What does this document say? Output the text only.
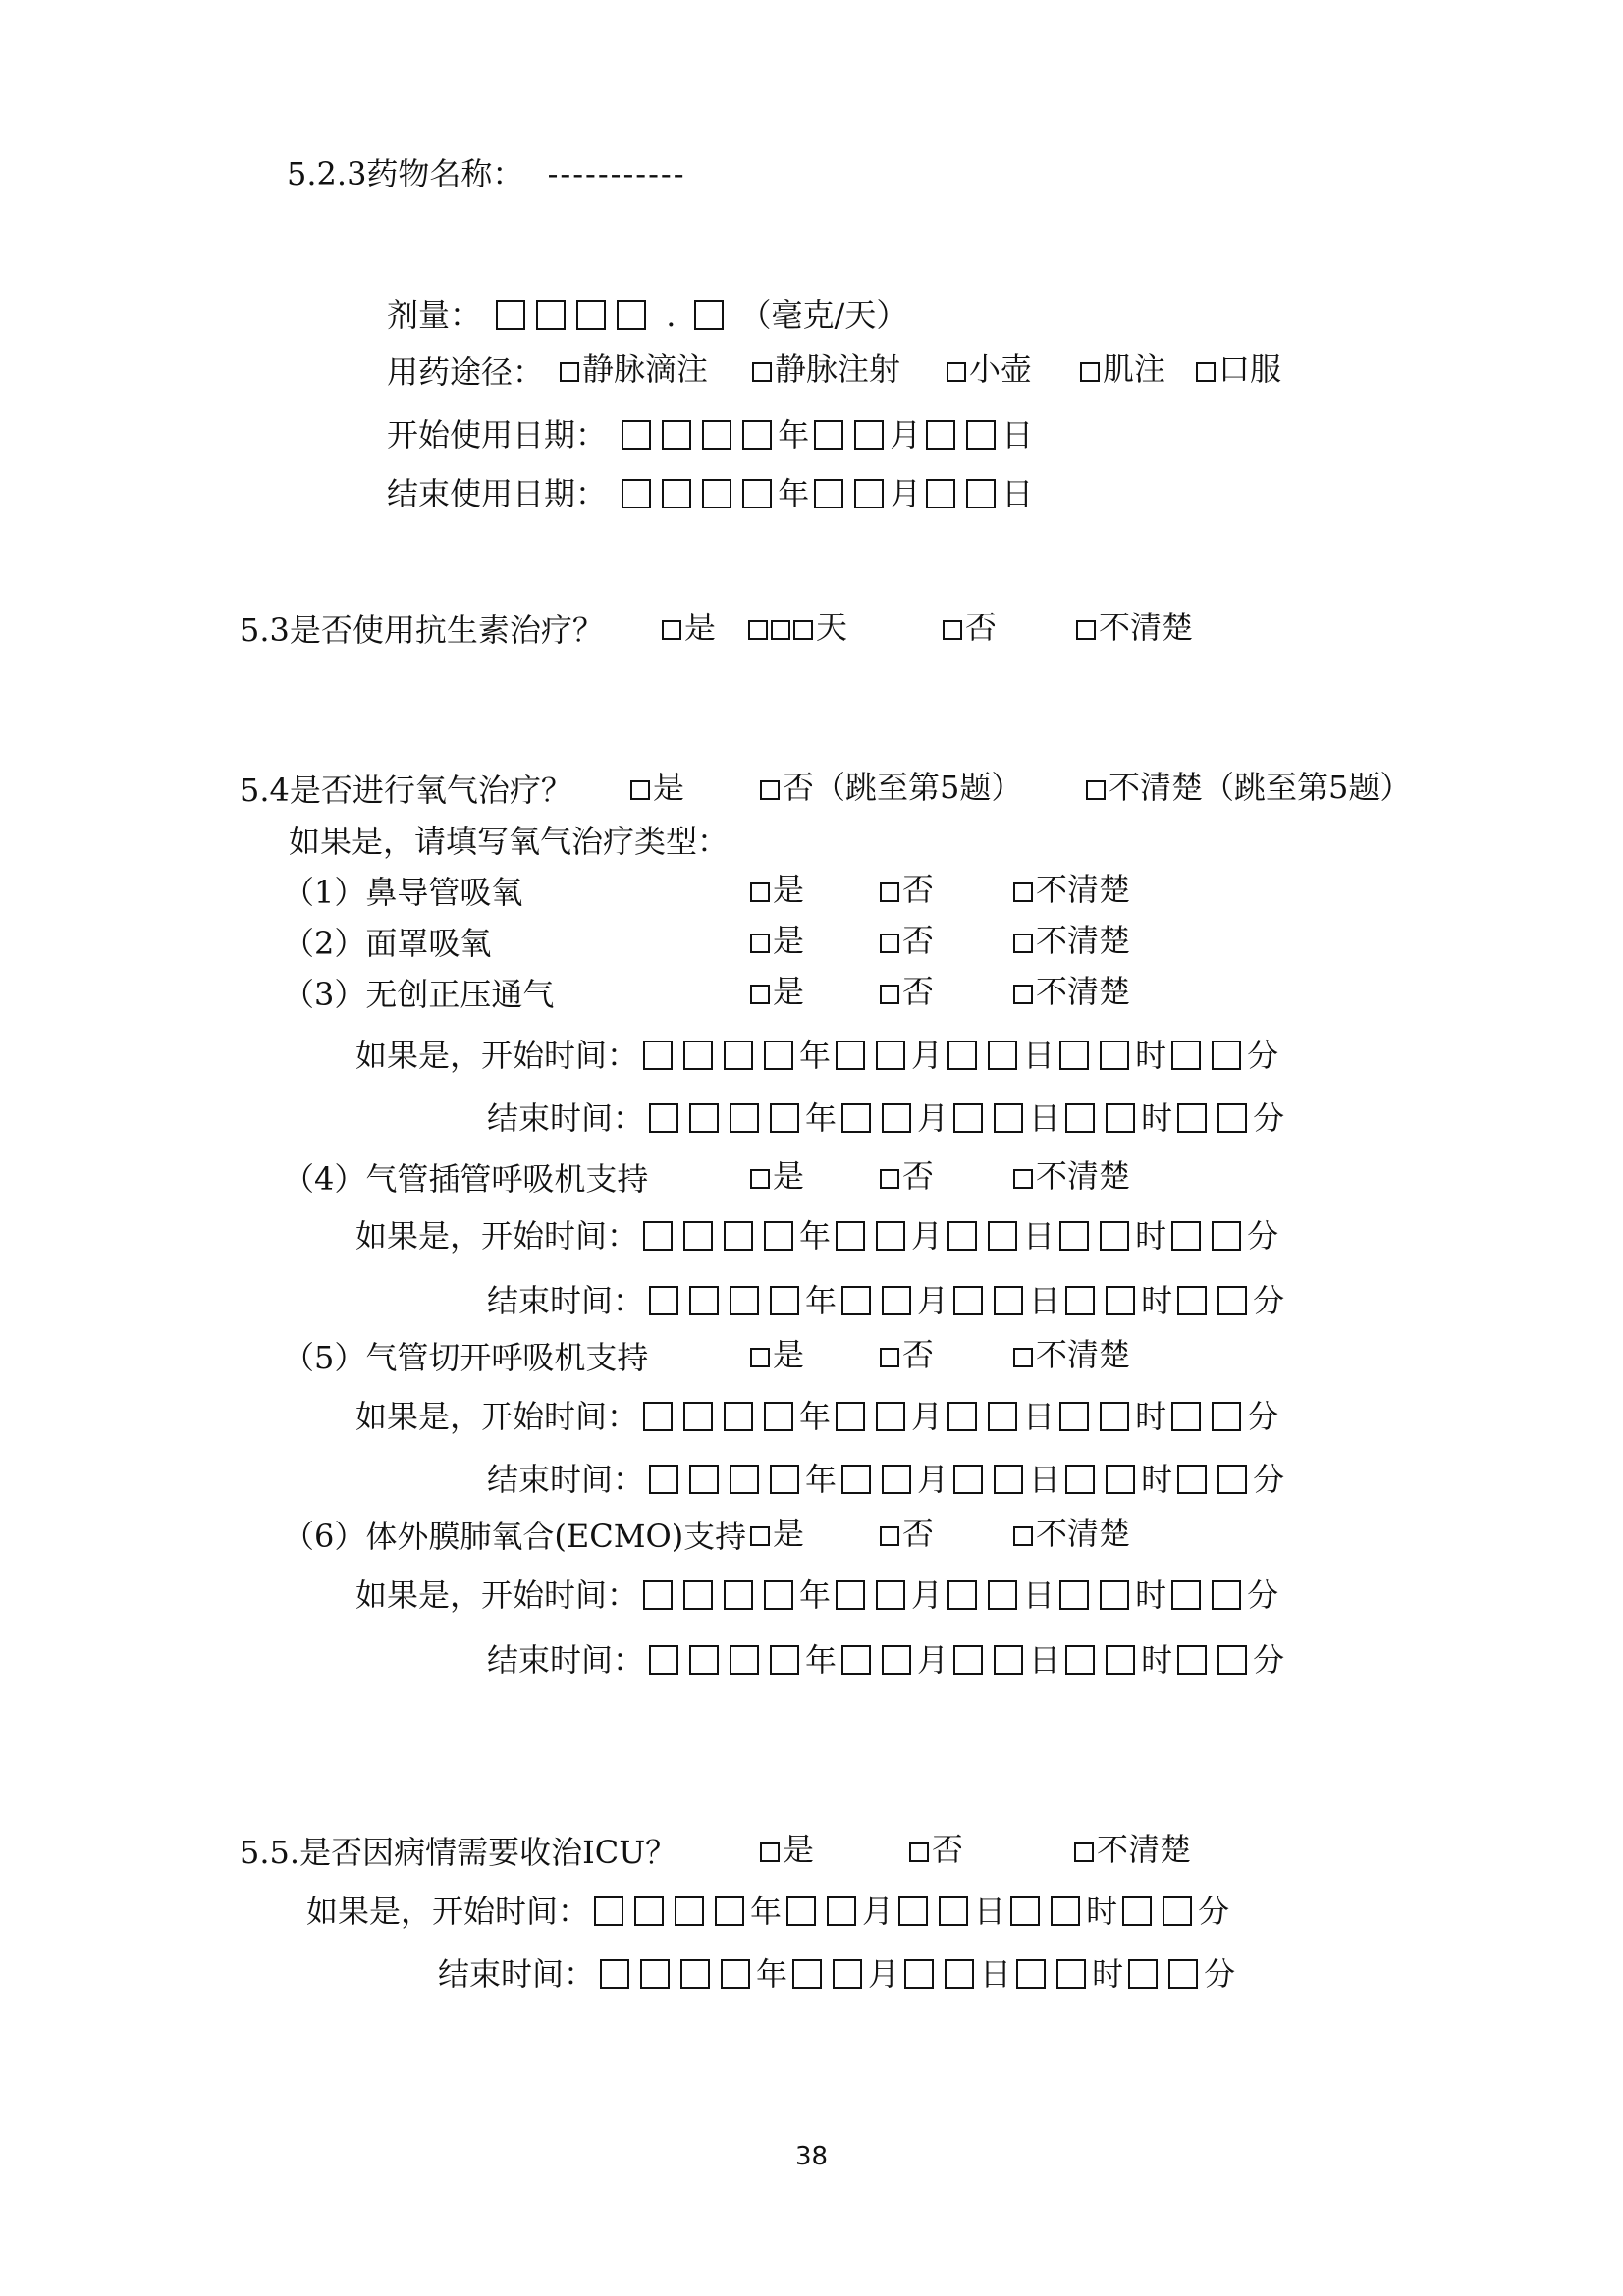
5.2.3药物名称： -----------
剂量：	. （毫克/天）
用药途径：	静脉滴注	静脉注射	小壶	肌注	口服
开始使用日期：	年	月	日
结束使用日期：	年	月	日
5.3是否使用抗生素治疗？	是	天	否	不清楚
5.4是否进行氧气治疗？	是	否（跳至第5题）	不清楚（跳至第5题）
如果是，请填写氧气治疗类型：
（1）鼻导管吸氧	是	否	不清楚
（2）面罩吸氧	是	否	不清楚
（3）无创正压通气	是	否	不清楚
如果是，开始时间：	年	月	日	时	分
结束时间：	年	月	日	时	分
（4）气管插管呼吸机支持	是	否	不清楚
如果是，开始时间：	年	月	日	时	分
结束时间：	年	月	日	时	分
（5）气管切开呼吸机支持	是	否	不清楚
如果是，开始时间：	年	月	日	时	分
结束时间：	年	月	日	时	分
（6）体外膜肺氧合(ECMO)支持 是	否	不清楚
如果是，开始时间：	年	月	日	时	分
结束时间：	年	月	日	时	分
5.5.是否因病情需要收治ICU？	是	否	不清楚
如果是，开始时间：	年	月	日	时	分
结束时间：	年	月	日	时	分
38
